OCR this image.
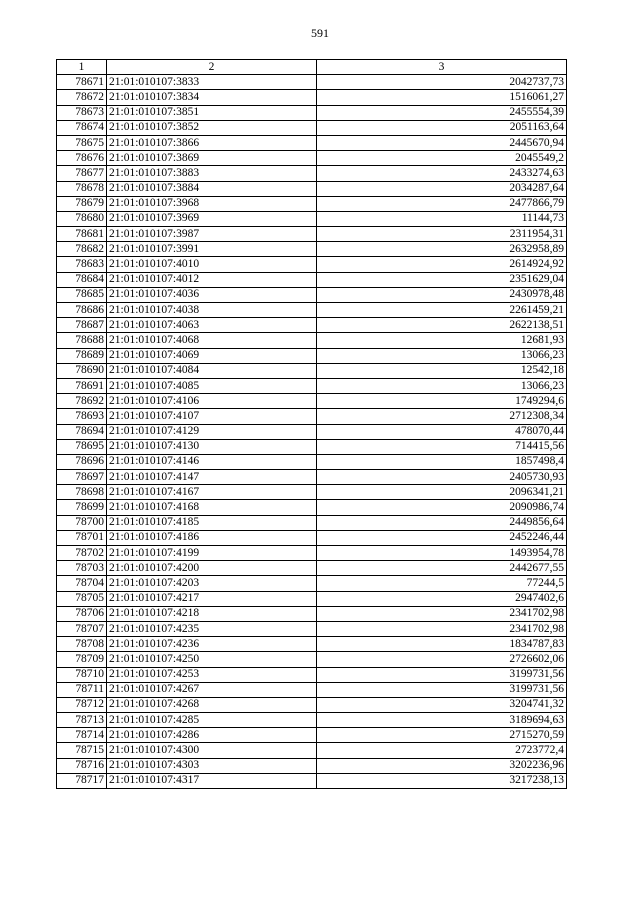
591
1	2	3
78671	21:01:010107:3833	2042737,73
78672	21:01:010107:3834	1516061,27
78673	21:01:010107:3851	2455554,39
78674	21:01:010107:3852	2051163,64
78675	21:01:010107:3866	2445670,94
78676	21:01:010107:3869	2045549,2
78677	21:01:010107:3883	2433274,63
78678	21:01:010107:3884	2034287,64
78679	21:01:010107:3968	2477866,79
78680	21:01:010107:3969	11144,73
78681	21:01:010107:3987	2311954,31
78682	21:01:010107:3991	2632958,89
78683	21:01:010107:4010	2614924,92
78684	21:01:010107:4012	2351629,04
78685	21:01:010107:4036	2430978,48
78686	21:01:010107:4038	2261459,21
78687	21:01:010107:4063	2622138,51
78688	21:01:010107:4068	12681,93
78689	21:01:010107:4069	13066,23
78690	21:01:010107:4084	12542,18
78691	21:01:010107:4085	13066,23
78692	21:01:010107:4106	1749294,6
78693	21:01:010107:4107	2712308,34
78694	21:01:010107:4129	478070,44
78695	21:01:010107:4130	714415,56
78696	21:01:010107:4146	1857498,4
78697	21:01:010107:4147	2405730,93
78698	21:01:010107:4167	2096341,21
78699	21:01:010107:4168	2090986,74
78700	21:01:010107:4185	2449856,64
78701	21:01:010107:4186	2452246,44
78702	21:01:010107:4199	1493954,78
78703	21:01:010107:4200	2442677,55
78704	21:01:010107:4203	77244,5
78705	21:01:010107:4217	2947402,6
78706	21:01:010107:4218	2341702,98
78707	21:01:010107:4235	2341702,98
78708	21:01:010107:4236	1834787,83
78709	21:01:010107:4250	2726602,06
78710	21:01:010107:4253	3199731,56
78711	21:01:010107:4267	3199731,56
78712	21:01:010107:4268	3204741,32
78713	21:01:010107:4285	3189694,63
78714	21:01:010107:4286	2715270,59
78715	21:01:010107:4300	2723772,4
78716	21:01:010107:4303	3202236,96
78717	21:01:010107:4317	3217238,13
